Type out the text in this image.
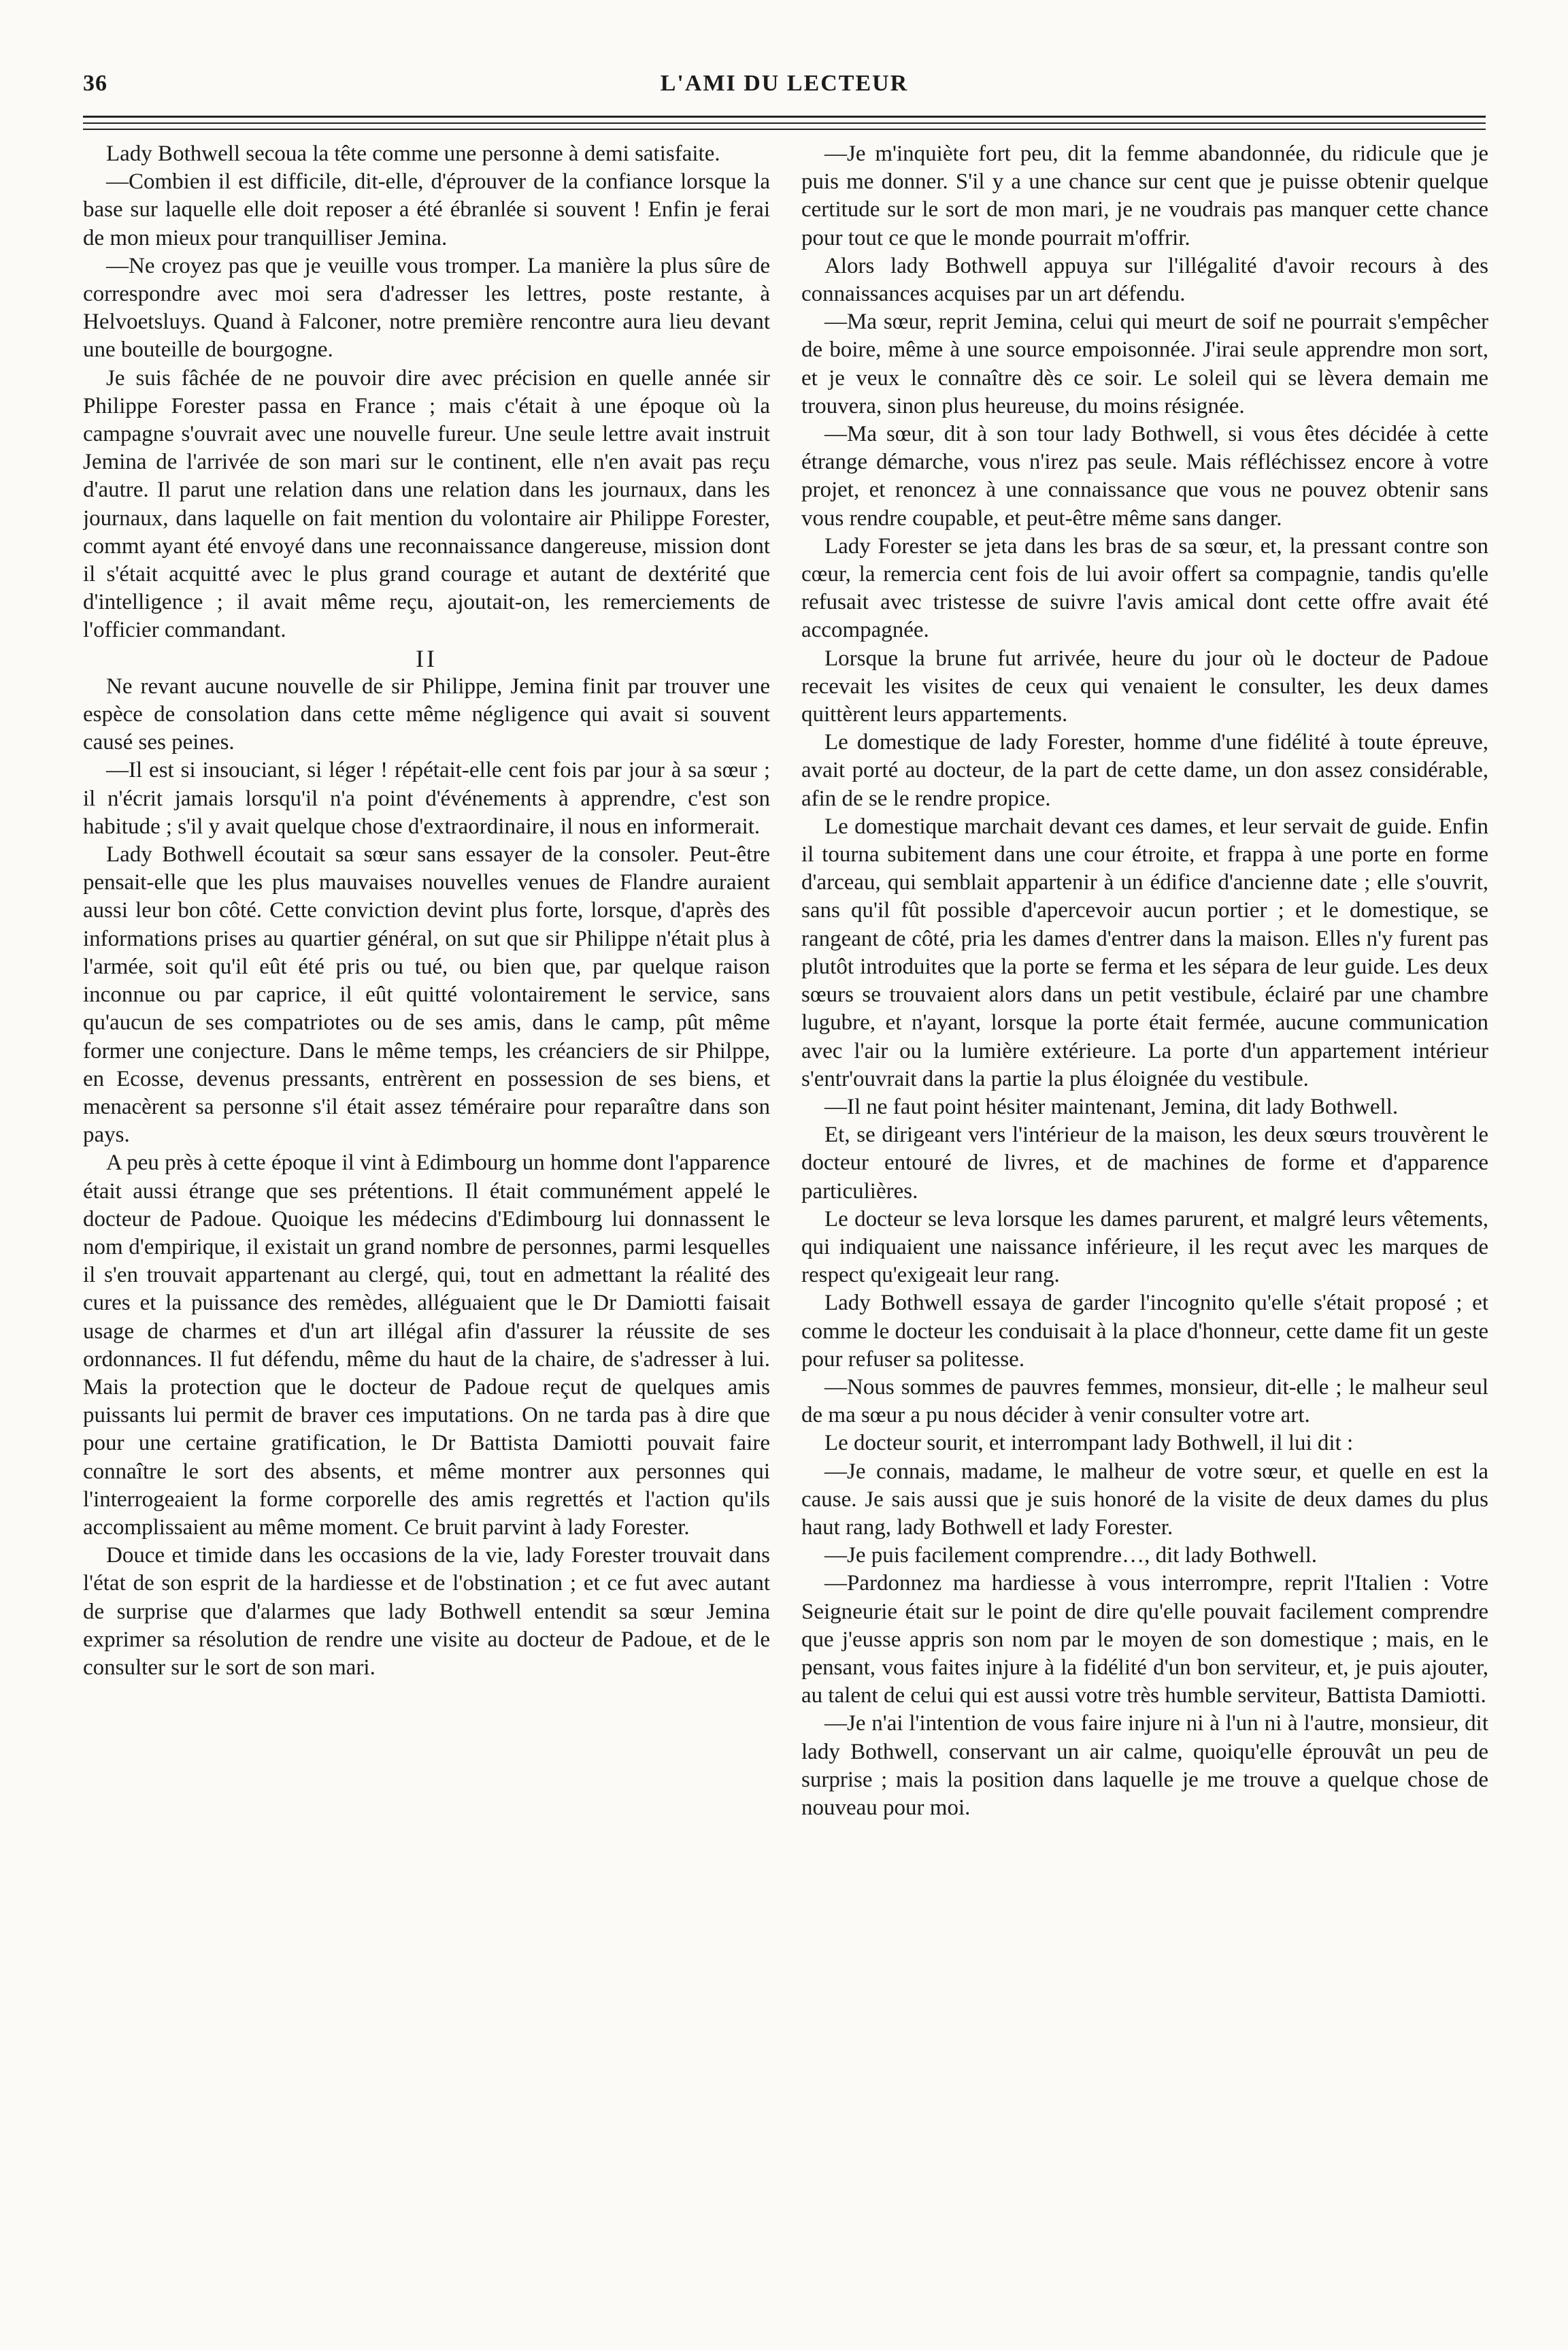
36	L'AMI DU LECTEUR

Lady Bothwell secoua la tête comme une personne à demi satisfaite.

—Combien il est difficile, dit-elle, d'éprouver de la confiance lorsque la base sur laquelle elle doit reposer a été ébranlée si souvent ! Enfin je ferai de mon mieux pour tranquilliser Jemina.

—Ne croyez pas que je veuille vous tromper. La manière la plus sûre de correspondre avec moi sera d'adresser les lettres, poste restante, à Helvoetsluys. Quand à Falconer, notre première rencontre aura lieu devant une bouteille de bourgogne.

Je suis fâchée de ne pouvoir dire avec précision en quelle année sir Philippe Forester passa en France ; mais c'était à une époque où la campagne s'ouvrait avec une nouvelle fureur. Une seule lettre avait instruit Jemina de l'arrivée de son mari sur le continent, elle n'en avait pas reçu d'autre. Il parut une relation dans une relation dans les journaux, dans les journaux, dans laquelle on fait mention du volontaire air Philippe Forester, commt ayant été envoyé dans une reconnaissance dangereuse, mission dont il s'était acquitté avec le plus grand courage et autant de dextérité que d'intelligence ; il avait même reçu, ajoutait-on, les remerciements de l'officier commandant.

II

Ne revant aucune nouvelle de sir Philippe, Jemina finit par trouver une espèce de consolation dans cette même négligence qui avait si souvent causé ses peines.

—Il est si insouciant, si léger ! répétait-elle cent fois par jour à sa sœur ; il n'écrit jamais lorsqu'il n'a point d'événements à apprendre, c'est son habitude ; s'il y avait quelque chose d'extraordinaire, il nous en informerait.

Lady Bothwell écoutait sa sœur sans essayer de la consoler. Peut-être pensait-elle que les plus mauvaises nouvelles venues de Flandre auraient aussi leur bon côté. Cette conviction devint plus forte, lorsque, d'après des informations prises au quartier général, on sut que sir Philippe n'était plus à l'armée, soit qu'il eût été pris ou tué, ou bien que, par quelque raison inconnue ou par caprice, il eût quitté volontairement le service, sans qu'aucun de ses compatriotes ou de ses amis, dans le camp, pût même former une conjecture. Dans le même temps, les créanciers de sir Philppe, en Ecosse, devenus pressants, entrèrent en possession de ses biens, et menacèrent sa personne s'il était assez téméraire pour reparaître dans son pays.

A peu près à cette époque il vint à Edimbourg un homme dont l'apparence était aussi étrange que ses prétentions. Il était communément appelé le docteur de Padoue. Quoique les médecins d'Edimbourg lui donnassent le nom d'empirique, il existait un grand nombre de personnes, parmi lesquelles il s'en trouvait appartenant au clergé, qui, tout en admettant la réalité des cures et la puissance des remèdes, alléguaient que le Dr Damiotti faisait usage de charmes et d'un art illégal afin d'assurer la réussite de ses ordonnances. Il fut défendu, même du haut de la chaire, de s'adresser à lui. Mais la protection que le docteur de Padoue reçut de quelques amis puissants lui permit de braver ces imputations. On ne tarda pas à dire que pour une certaine gratification, le Dr Battista Damiotti pouvait faire connaître le sort des absents, et même montrer aux personnes qui l'interrogeaient la forme corporelle des amis regrettés et l'action qu'ils accomplissaient au même moment. Ce bruit parvint à lady Forester.

Douce et timide dans les occasions de la vie, lady Forester trouvait dans l'état de son esprit de la hardiesse et de l'obstination ; et ce fut avec autant de surprise que d'alarmes que lady Bothwell entendit sa sœur Jemina exprimer sa résolution de rendre une visite au docteur de Padoue, et de le consulter sur le sort de son mari.

—Je m'inquiète fort peu, dit la femme abandonnée, du ridicule que je puis me donner. S'il y a une chance sur cent que je puisse obtenir quelque certitude sur le sort de mon mari, je ne voudrais pas manquer cette chance pour tout ce que le monde pourrait m'offrir.

Alors lady Bothwell appuya sur l'illégalité d'avoir recours à des connaissances acquises par un art défendu.

—Ma sœur, reprit Jemina, celui qui meurt de soif ne pourrait s'empêcher de boire, même à une source empoisonnée. J'irai seule apprendre mon sort, et je veux le connaître dès ce soir. Le soleil qui se lèvera demain me trouvera, sinon plus heureuse, du moins résignée.

—Ma sœur, dit à son tour lady Bothwell, si vous êtes décidée à cette étrange démarche, vous n'irez pas seule. Mais réfléchissez encore à votre projet, et renoncez à une connaissance que vous ne pouvez obtenir sans vous rendre coupable, et peut-être même sans danger.

Lady Forester se jeta dans les bras de sa sœur, et, la pressant contre son cœur, la remercia cent fois de lui avoir offert sa compagnie, tandis qu'elle refusait avec tristesse de suivre l'avis amical dont cette offre avait été accompagnée.

Lorsque la brune fut arrivée, heure du jour où le docteur de Padoue recevait les visites de ceux qui venaient le consulter, les deux dames quittèrent leurs appartements.

Le domestique de lady Forester, homme d'une fidélité à toute épreuve, avait porté au docteur, de la part de cette dame, un don assez considérable, afin de se le rendre propice.

Le domestique marchait devant ces dames, et leur servait de guide. Enfin il tourna subitement dans une cour étroite, et frappa à une porte en forme d'arceau, qui semblait appartenir à un édifice d'ancienne date ; elle s'ouvrit, sans qu'il fût possible d'apercevoir aucun portier ; et le domestique, se rangeant de côté, pria les dames d'entrer dans la maison. Elles n'y furent pas plutôt introduites que la porte se ferma et les sépara de leur guide. Les deux sœurs se trouvaient alors dans un petit vestibule, éclairé par une chambre lugubre, et n'ayant, lorsque la porte était fermée, aucune communication avec l'air ou la lumière extérieure. La porte d'un appartement intérieur s'entr'ouvrait dans la partie la plus éloignée du vestibule.

—Il ne faut point hésiter maintenant, Jemina, dit lady Bothwell.

Et, se dirigeant vers l'intérieur de la maison, les deux sœurs trouvèrent le docteur entouré de livres, et de machines de forme et d'apparence particulières.

Le docteur se leva lorsque les dames parurent, et malgré leurs vêtements, qui indiquaient une naissance inférieure, il les reçut avec les marques de respect qu'exigeait leur rang.

Lady Bothwell essaya de garder l'incognito qu'elle s'était proposé ; et comme le docteur les conduisait à la place d'honneur, cette dame fit un geste pour refuser sa politesse.

—Nous sommes de pauvres femmes, monsieur, dit-elle ; le malheur seul de ma sœur a pu nous décider à venir consulter votre art.

Le docteur sourit, et interrompant lady Bothwell, il lui dit :

—Je connais, madame, le malheur de votre sœur, et quelle en est la cause. Je sais aussi que je suis honoré de la visite de deux dames du plus haut rang, lady Bothwell et lady Forester.

—Je puis facilement comprendre…, dit lady Bothwell.

—Pardonnez ma hardiesse à vous interrompre, reprit l'Italien : Votre Seigneurie était sur le point de dire qu'elle pouvait facilement comprendre que j'eusse appris son nom par le moyen de son domestique ; mais, en le pensant, vous faites injure à la fidélité d'un bon serviteur, et, je puis ajouter, au talent de celui qui est aussi votre très humble serviteur, Battista Damiotti.

—Je n'ai l'intention de vous faire injure ni à l'un ni à l'autre, monsieur, dit lady Bothwell, conservant un air calme, quoiqu'elle éprouvât un peu de surprise ; mais la position dans laquelle je me trouve a quelque chose de nouveau pour moi.
